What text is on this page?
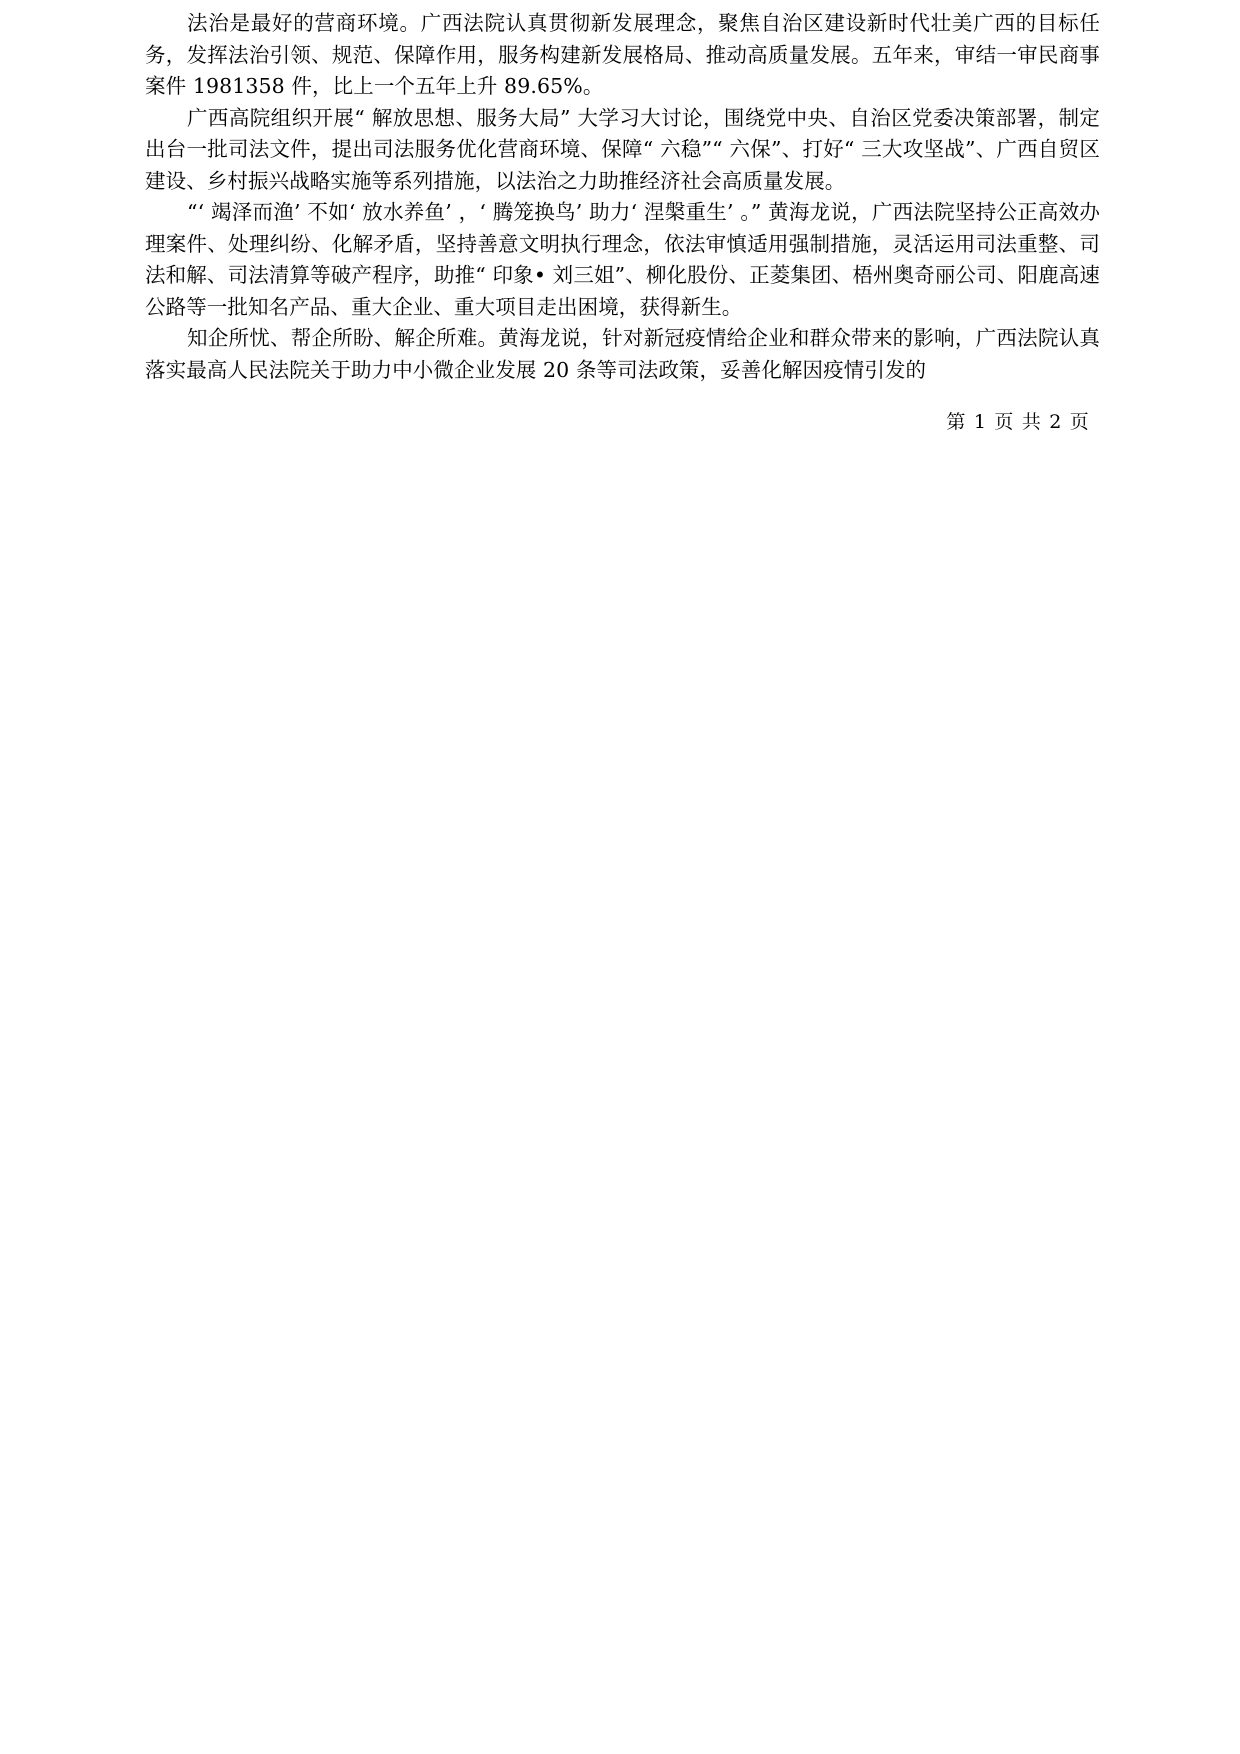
法治是最好的营商环境。广西法院认真贯彻新发展理念，聚焦自治区建设新时代壮美广西的目标任务，发挥法治引领、规范、保障作用，服务构建新发展格局、推动高质量发展。五年来，审结一审民商事案件 1981358 件，比上一个五年上升 89.65%。

广西高院组织开展“ 解放思想、服务大局” 大学习大讨论，围绕党中央、自治区党委决策部署，制定出台一批司法文件，提出司法服务优化营商环境、保障“ 六稳”“ 六保”、打好“ 三大攻坚战”、广西自贸区建设、乡村振兴战略实施等系列措施，以法治之力助推经济社会高质量发展。

“‘ 竭泽而渔’ 不如‘ 放水养鱼’ ，‘ 腾笼换鸟’ 助力‘ 涅槃重生’ 。” 黄海龙说，广西法院坚持公正高效办理案件、处理纠纷、化解矛盾，坚持善意文明执行理念，依法审慎适用强制措施，灵活运用司法重整、司法和解、司法清算等破产程序，助推“ 印象• 刘三姐”、柳化股份、正菱集团、梧州奥奇丽公司、阳鹿高速公路等一批知名产品、重大企业、重大项目走出困境，获得新生。

知企所忧、帮企所盼、解企所难。黄海龙说，针对新冠疫情给企业和群众带来的影响，广西法院认真落实最高人民法院关于助力中小微企业发展 20 条等司法政策，妥善化解因疫情引发的

第 1 页 共 2 页
